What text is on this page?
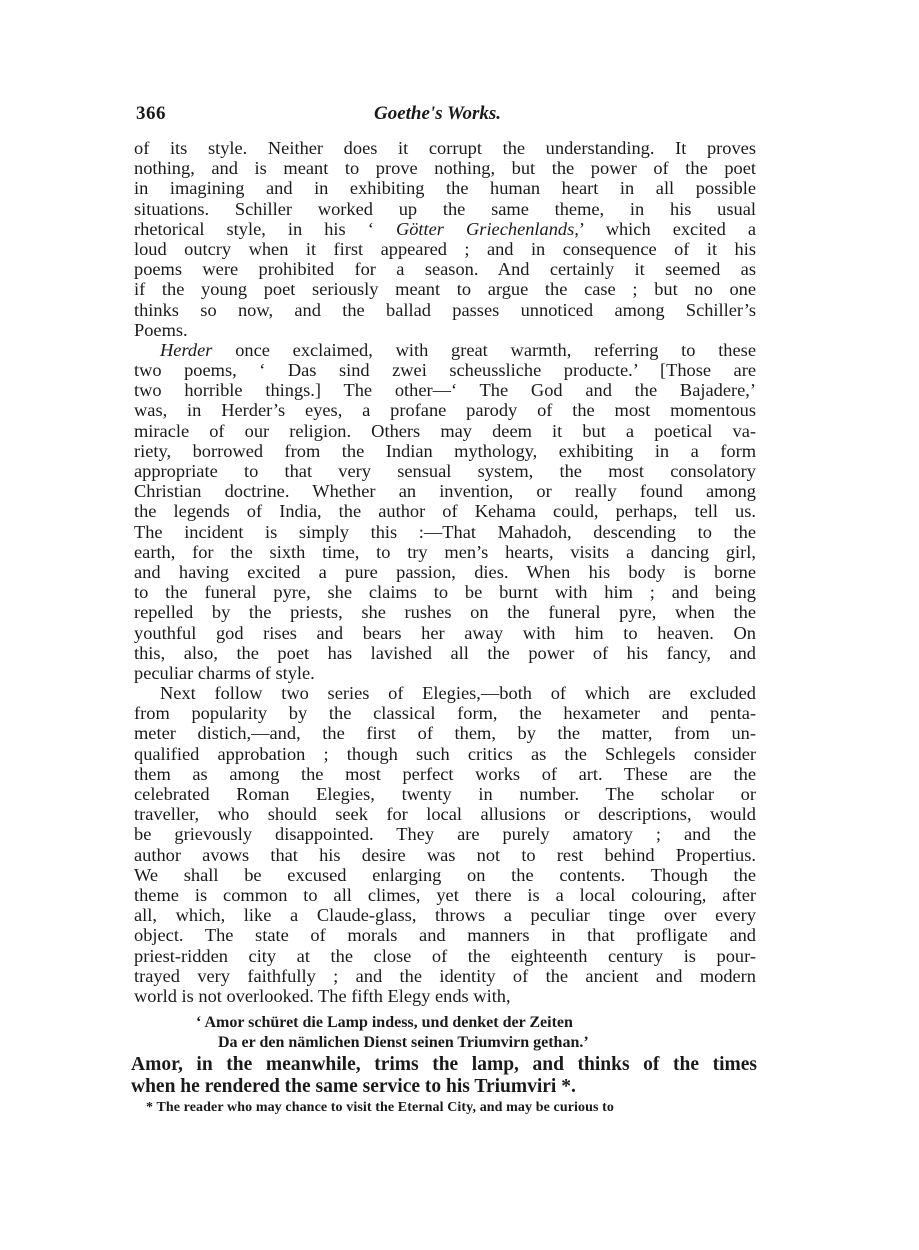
366	Goethe's Works.
of its style. Neither does it corrupt the understanding. It proves
nothing, and is meant to prove nothing, but the power of the poet
in imagining and in exhibiting the human heart in all possible
situations. Schiller worked up the same theme, in his usual
rhetorical style, in his ‘ Götter Griechenlands,’ which excited a
loud outcry when it first appeared ; and in consequence of it his
poems were prohibited for a season. And certainly it seemed as
if the young poet seriously meant to argue the case ; but no one
thinks so now, and the ballad passes unnoticed among Schiller’s
Poems.
Herder once exclaimed, with great warmth, referring to these
two poems, ‘ Das sind zwei scheussliche producte.’ [Those are
two horrible things.] The other—‘ The God and the Bajadere,’
was, in Herder’s eyes, a profane parody of the most momentous
miracle of our religion. Others may deem it but a poetical va-
riety, borrowed from the Indian mythology, exhibiting in a form
appropriate to that very sensual system, the most consolatory
Christian doctrine. Whether an invention, or really found among
the legends of India, the author of Kehama could, perhaps, tell us.
The incident is simply this :—That Mahadoh, descending to the
earth, for the sixth time, to try men’s hearts, visits a dancing girl,
and having excited a pure passion, dies. When his body is borne
to the funeral pyre, she claims to be burnt with him ; and being
repelled by the priests, she rushes on the funeral pyre, when the
youthful god rises and bears her away with him to heaven. On
this, also, the poet has lavished all the power of his fancy, and
peculiar charms of style.
Next follow two series of Elegies,—both of which are excluded
from popularity by the classical form, the hexameter and penta-
meter distich,—and, the first of them, by the matter, from un-
qualified approbation ; though such critics as the Schlegels consider
them as among the most perfect works of art. These are the
celebrated Roman Elegies, twenty in number. The scholar or
traveller, who should seek for local allusions or descriptions, would
be grievously disappointed. They are purely amatory ; and the
author avows that his desire was not to rest behind Propertius.
We shall be excused enlarging on the contents. Though the
theme is common to all climes, yet there is a local colouring, after
all, which, like a Claude-glass, throws a peculiar tinge over every
object. The state of morals and manners in that profligate and
priest-ridden city at the close of the eighteenth century is pour-
trayed very faithfully ; and the identity of the ancient and modern
world is not overlooked. The fifth Elegy ends with,
‘ Amor schüret die Lamp indess, und denket der Zeiten
Da er den nämlichen Dienst seinen Triumvirn gethan.’
Amor, in the meanwhile, trims the lamp, and thinks of the times
when he rendered the same service to his Triumviri *.
* The reader who may chance to visit the Eternal City, and may be curious to
